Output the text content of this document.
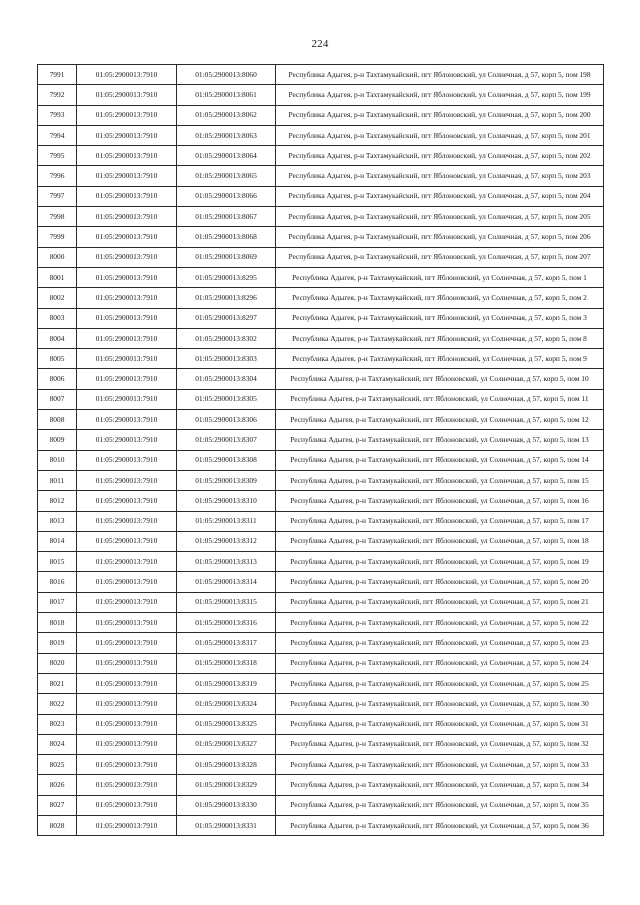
224
7991	01:05:2900013:7910	01:05:2900013:8060	Республика Адыгея, р-н Тахтамукайский, пгт Яблоновский, ул Солнечная, д 57, корп 5, пом 198
7992	01:05:2900013:7910	01:05:2900013:8061	Республика Адыгея, р-н Тахтамукайский, пгт Яблоновский, ул Солнечная, д 57, корп 5, пом 199
7993	01:05:2900013:7910	01:05:2900013:8062	Республика Адыгея, р-н Тахтамукайский, пгт Яблоновский, ул Солнечная, д 57, корп 5, пом 200
7994	01:05:2900013:7910	01:05:2900013:8063	Республика Адыгея, р-н Тахтамукайский, пгт Яблоновский, ул Солнечная, д 57, корп 5, пом 201
7995	01:05:2900013:7910	01:05:2900013:8064	Республика Адыгея, р-н Тахтамукайский, пгт Яблоновский, ул Солнечная, д 57, корп 5, пом 202
7996	01:05:2900013:7910	01:05:2900013:8065	Республика Адыгея, р-н Тахтамукайский, пгт Яблоновский, ул Солнечная, д 57, корп 5, пом 203
7997	01:05:2900013:7910	01:05:2900013:8066	Республика Адыгея, р-н Тахтамукайский, пгт Яблоновский, ул Солнечная, д 57, корп 5, пом 204
7998	01:05:2900013:7910	01:05:2900013:8067	Республика Адыгея, р-н Тахтамукайский, пгт Яблоновский, ул Солнечная, д 57, корп 5, пом 205
7999	01:05:2900013:7910	01:05:2900013:8068	Республика Адыгея, р-н Тахтамукайский, пгт Яблоновский, ул Солнечная, д 57, корп 5, пом 206
8000	01:05:2900013:7910	01:05:2900013:8069	Республика Адыгея, р-н Тахтамукайский, пгт Яблоновский, ул Солнечная, д 57, корп 5, пом 207
8001	01:05:2900013:7910	01:05:2900013:8295	Республика Адыгея, р-н Тахтамукайский, пгт Яблоновский, ул Солнечная, д 57, корп 5, пом 1
8002	01:05:2900013:7910	01:05:2900013:8296	Республика Адыгея, р-н Тахтамукайский, пгт Яблоновский, ул Солнечная, д 57, корп 5, пом 2
8003	01:05:2900013:7910	01:05:2900013:8297	Республика Адыгея, р-н Тахтамукайский, пгт Яблоновский, ул Солнечная, д 57, корп 5, пом 3
8004	01:05:2900013:7910	01:05:2900013:8302	Республика Адыгея, р-н Тахтамукайский, пгт Яблоновский, ул Солнечная, д 57, корп 5, пом 8
8005	01:05:2900013:7910	01:05:2900013:8303	Республика Адыгея, р-н Тахтамукайский, пгт Яблоновский, ул Солнечная, д 57, корп 5, пом 9
8006	01:05:2900013:7910	01:05:2900013:8304	Республика Адыгея, р-н Тахтамукайский, пгт Яблоновский, ул Солнечная, д 57, корп 5, пом 10
8007	01:05:2900013:7910	01:05:2900013:8305	Республика Адыгея, р-н Тахтамукайский, пгт Яблоновский, ул Солнечная, д 57, корп 5, пом 11
8008	01:05:2900013:7910	01:05:2900013:8306	Республика Адыгея, р-н Тахтамукайский, пгт Яблоновский, ул Солнечная, д 57, корп 5, пом 12
8009	01:05:2900013:7910	01:05:2900013:8307	Республика Адыгея, р-н Тахтамукайский, пгт Яблоновский, ул Солнечная, д 57, корп 5, пом 13
8010	01:05:2900013:7910	01:05:2900013:8308	Республика Адыгея, р-н Тахтамукайский, пгт Яблоновский, ул Солнечная, д 57, корп 5, пом 14
8011	01:05:2900013:7910	01:05:2900013:8309	Республика Адыгея, р-н Тахтамукайский, пгт Яблоновский, ул Солнечная, д 57, корп 5, пом 15
8012	01:05:2900013:7910	01:05:2900013:8310	Республика Адыгея, р-н Тахтамукайский, пгт Яблоновский, ул Солнечная, д 57, корп 5, пом 16
8013	01:05:2900013:7910	01:05:2900013:8311	Республика Адыгея, р-н Тахтамукайский, пгт Яблоновский, ул Солнечная, д 57, корп 5, пом 17
8014	01:05:2900013:7910	01:05:2900013:8312	Республика Адыгея, р-н Тахтамукайский, пгт Яблоновский, ул Солнечная, д 57, корп 5, пом 18
8015	01:05:2900013:7910	01:05:2900013:8313	Республика Адыгея, р-н Тахтамукайский, пгт Яблоновский, ул Солнечная, д 57, корп 5, пом 19
8016	01:05:2900013:7910	01:05:2900013:8314	Республика Адыгея, р-н Тахтамукайский, пгт Яблоновский, ул Солнечная, д 57, корп 5, пом 20
8017	01:05:2900013:7910	01:05:2900013:8315	Республика Адыгея, р-н Тахтамукайский, пгт Яблоновский, ул Солнечная, д 57, корп 5, пом 21
8018	01:05:2900013:7910	01:05:2900013:8316	Республика Адыгея, р-н Тахтамукайский, пгт Яблоновский, ул Солнечная, д 57, корп 5, пом 22
8019	01:05:2900013:7910	01:05:2900013:8317	Республика Адыгея, р-н Тахтамукайский, пгт Яблоновский, ул Солнечная, д 57, корп 5, пом 23
8020	01:05:2900013:7910	01:05:2900013:8318	Республика Адыгея, р-н Тахтамукайский, пгт Яблоновский, ул Солнечная, д 57, корп 5, пом 24
8021	01:05:2900013:7910	01:05:2900013:8319	Республика Адыгея, р-н Тахтамукайский, пгт Яблоновский, ул Солнечная, д 57, корп 5, пом 25
8022	01:05:2900013:7910	01:05:2900013:8324	Республика Адыгея, р-н Тахтамукайский, пгт Яблоновский, ул Солнечная, д 57, корп 5, пом 30
8023	01:05:2900013:7910	01:05:2900013:8325	Республика Адыгея, р-н Тахтамукайский, пгт Яблоновский, ул Солнечная, д 57, корп 5, пом 31
8024	01:05:2900013:7910	01:05:2900013:8327	Республика Адыгея, р-н Тахтамукайский, пгт Яблоновский, ул Солнечная, д 57, корп 5, пом 32
8025	01:05:2900013:7910	01:05:2900013:8328	Республика Адыгея, р-н Тахтамукайский, пгт Яблоновский, ул Солнечная, д 57, корп 5, пом 33
8026	01:05:2900013:7910	01:05:2900013:8329	Республика Адыгея, р-н Тахтамукайский, пгт Яблоновский, ул Солнечная, д 57, корп 5, пом 34
8027	01:05:2900013:7910	01:05:2900013:8330	Республика Адыгея, р-н Тахтамукайский, пгт Яблоновский, ул Солнечная, д 57, корп 5, пом 35
8028	01:05:2900013:7910	01:05:2900013:8331	Республика Адыгея, р-н Тахтамукайский, пгт Яблоновский, ул Солнечная, д 57, корп 5, пом 36
